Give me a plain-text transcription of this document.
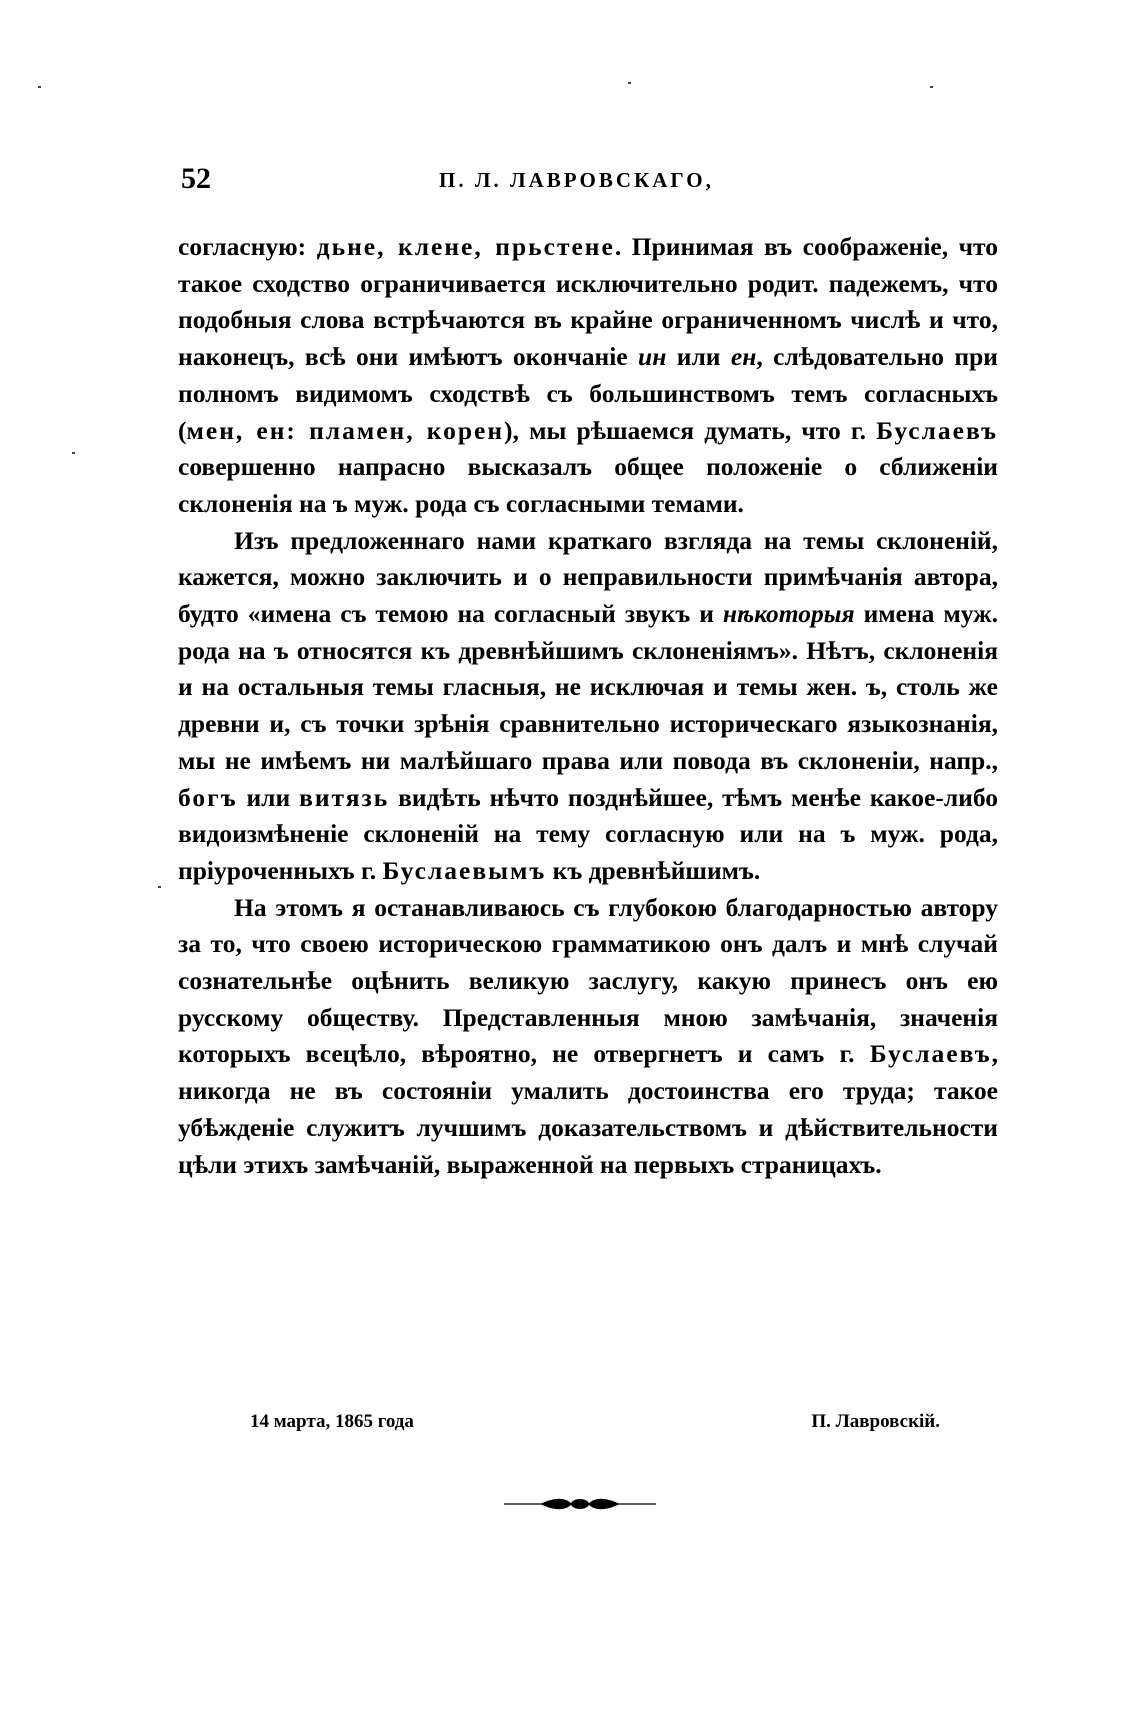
52	П. Л. ЛАВРОВСКАГО,

согласную: дьне, клене, прьстене. Принимая въ соображеніе, что такое сходство ограничивается исключительно родит. падежемъ, что подобныя слова встрѣчаются въ крайне ограниченномъ числѣ и что, наконецъ, всѣ они имѣютъ окончаніе ин или ен, слѣдовательно при полномъ видимомъ сходствѣ съ большинствомъ темъ согласныхъ (мен, ен: пламен, корен), мы рѣшаемся думать, что г. Буслаевъ совершенно напрасно высказалъ общее положеніе о сближеніи склоненія на ъ муж. рода съ согласными темами.

Изъ предложеннаго нами краткаго взгляда на темы склоненій, кажется, можно заключить и о неправильности примѣчанія автора, будто «имена съ темою на согласный звукъ и нѣкоторыя имена муж. рода на ъ относятся къ древнѣйшимъ склоненіямъ». Нѣтъ, склоненія и на остальныя темы гласныя, не исключая и темы жен. ъ, столь же древни и, съ точки зрѣнія сравнительно историческаго языкознанія, мы не имѣемъ ни малѣйшаго права или повода въ склоненіи, напр., богъ или витязь видѣть нѣчто позднѣйшее, тѣмъ менѣе какое-либо видоизмѣненіе склоненій на тему согласную или на ъ муж. рода, пріуроченныхъ г. Буслаевымъ къ древнѣйшимъ.

На этомъ я останавливаюсь съ глубокою благодарностью автору за то, что своею историческою грамматикою онъ далъ и мнѣ случай сознательнѣе оцѣнить великую заслугу, какую принесъ онъ ею русскому обществу. Представленныя мною замѣчанія, значенія которыхъ всецѣло, вѣроятно, не отвергнетъ и самъ г. Буслаевъ, никогда не въ состояніи умалить достоинства его труда; такое убѣжденіе служитъ лучшимъ доказательствомъ и дѣйствительности цѣли этихъ замѣчаній, выраженной на первыхъ страницахъ.

14 марта, 1865 года	П. Лавровскій.
